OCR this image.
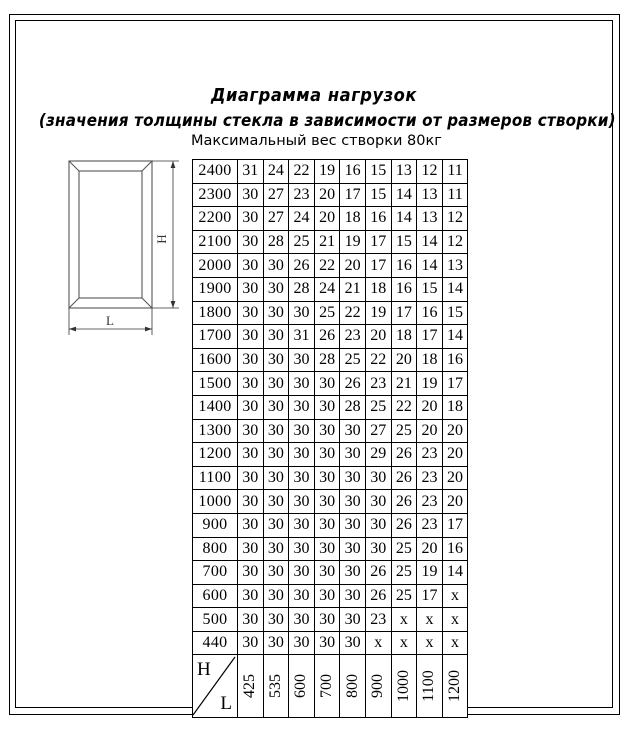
Диаграмма нагрузок
(значения толщины стекла в зависимости от размеров створки)
Максимальный вес створки 80кг
H
L
2400	31	24	22	19	16	15	13	12	11
2300	30	27	23	20	17	15	14	13	11
2200	30	27	24	20	18	16	14	13	12
2100	30	28	25	21	19	17	15	14	12
2000	30	30	26	22	20	17	16	14	13
1900	30	30	28	24	21	18	16	15	14
1800	30	30	30	25	22	19	17	16	15
1700	30	30	31	26	23	20	18	17	14
1600	30	30	30	28	25	22	20	18	16
1500	30	30	30	30	26	23	21	19	17
1400	30	30	30	30	28	25	22	20	18
1300	30	30	30	30	30	27	25	20	20
1200	30	30	30	30	30	29	26	23	20
1100	30	30	30	30	30	30	26	23	20
1000	30	30	30	30	30	30	26	23	20
900	30	30	30	30	30	30	26	23	17
800	30	30	30	30	30	30	25	20	16
700	30	30	30	30	30	26	25	19	14
600	30	30	30	30	30	26	25	17	x
500	30	30	30	30	30	23	x	x	x
440	30	30	30	30	30	x	x	x	x

H
L	425	535	600	700	800	900	1000	1100	1200
